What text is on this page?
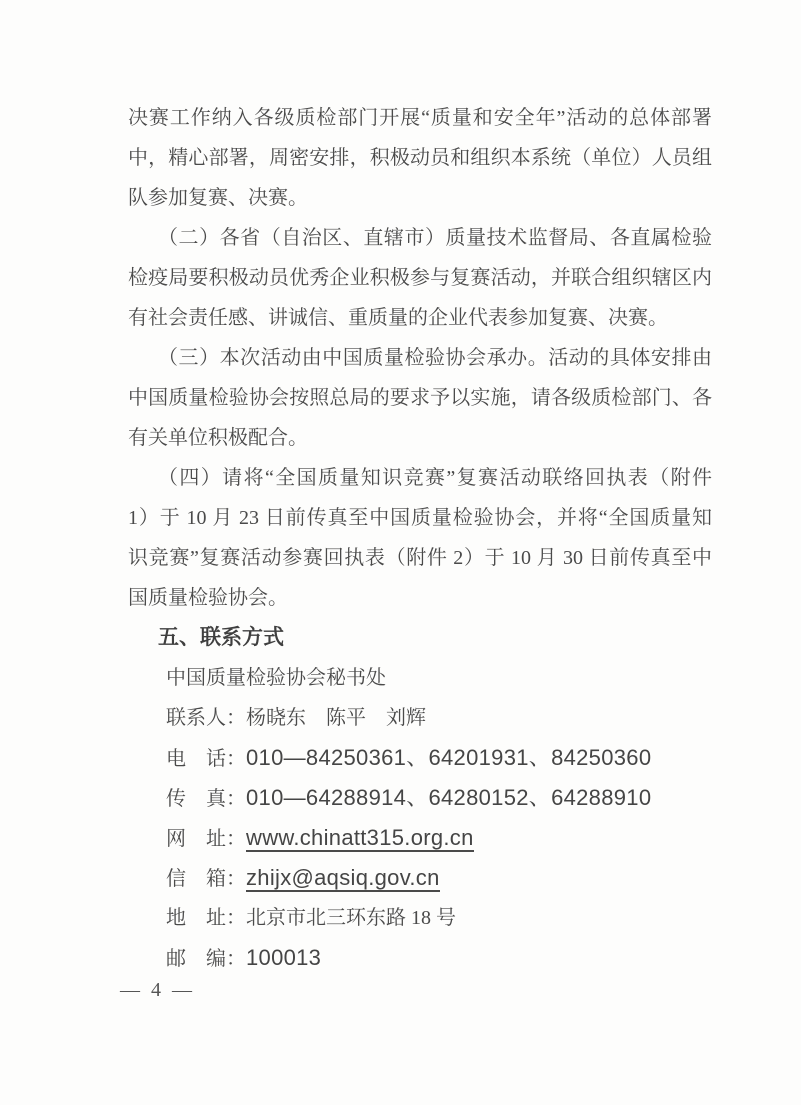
决赛工作纳入各级质检部门开展“质量和安全年”活动的总体部署
中，精心部署，周密安排，积极动员和组织本系统（单位）人员组
队参加复赛、决赛。
（二）各省（自治区、直辖市）质量技术监督局、各直属检验
检疫局要积极动员优秀企业积极参与复赛活动，并联合组织辖区内
有社会责任感、讲诚信、重质量的企业代表参加复赛、决赛。
（三）本次活动由中国质量检验协会承办。活动的具体安排由
中国质量检验协会按照总局的要求予以实施，请各级质检部门、各
有关单位积极配合。
（四）请将“全国质量知识竞赛”复赛活动联络回执表（附件
1）于 10 月 23 日前传真至中国质量检验协会，并将“全国质量知
识竞赛”复赛活动参赛回执表（附件 2）于 10 月 30 日前传真至中
国质量检验协会。
五、联系方式
中国质量检验协会秘书处
联系人：杨晓东　陈平　刘辉
电　话：010—84250361、64201931、84250360
传　真：010—64288914、64280152、64288910
网　址：www.chinatt315.org.cn
信　箱：zhijx@aqsiq.gov.cn
地　址：北京市北三环东路 18 号
邮　编：100013
— 4 —
